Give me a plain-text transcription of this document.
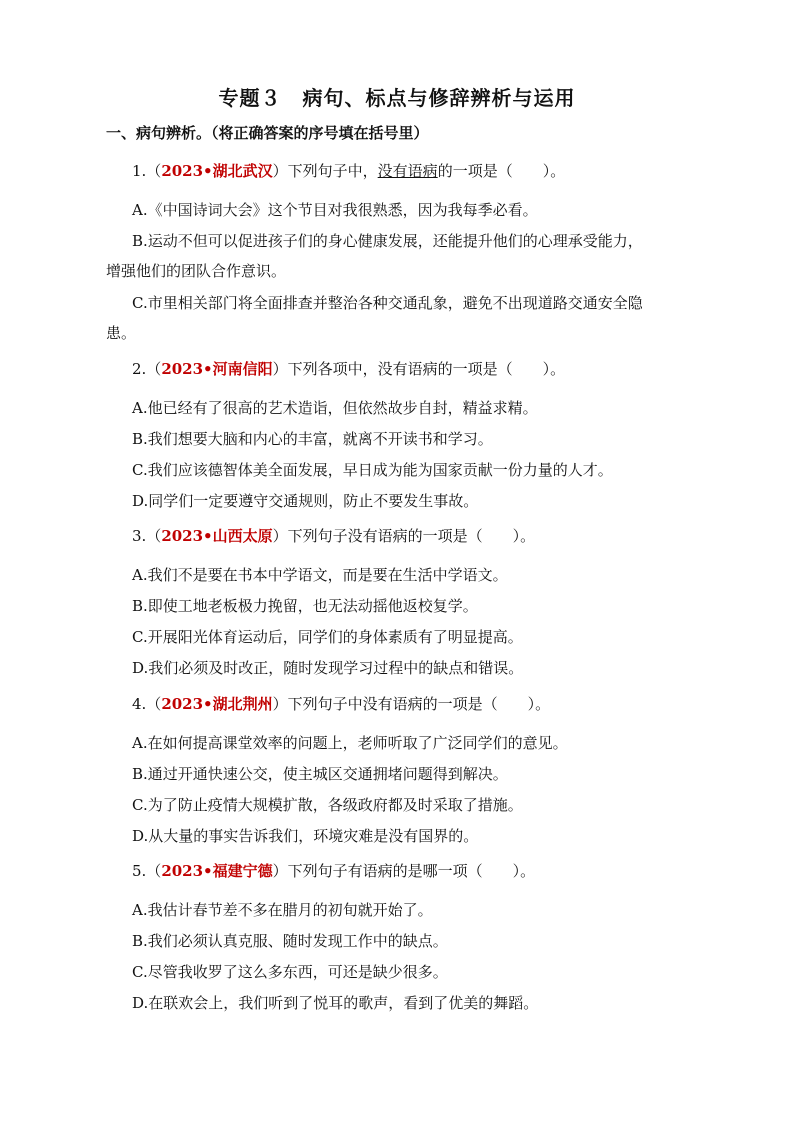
专题３　病句、标点与修辞辨析与运用
一、病句辨析。（将正确答案的序号填在括号里）
1.（2023•湖北武汉）下列句子中，没有语病的一项是（　　）。
A.《中国诗词大会》这个节目对我很熟悉，因为我每季必看。
B.运动不但可以促进孩子们的身心健康发展，还能提升他们的心理承受能力，
增强他们的团队合作意识。
C.市里相关部门将全面排查并整治各种交通乱象，避免不出现道路交通安全隐
患。
2.（2023•河南信阳）下列各项中，没有语病的一项是（　　）。
A.他已经有了很高的艺术造诣，但依然故步自封，精益求精。
B.我们想要大脑和内心的丰富，就离不开读书和学习。
C.我们应该德智体美全面发展，早日成为能为国家贡献一份力量的人才。
D.同学们一定要遵守交通规则，防止不要发生事故。
3.（2023•山西太原）下列句子没有语病的一项是（　　）。
A.我们不是要在书本中学语文，而是要在生活中学语文。
B.即使工地老板极力挽留，也无法动摇他返校复学。
C.开展阳光体育运动后，同学们的身体素质有了明显提高。
D.我们必须及时改正，随时发现学习过程中的缺点和错误。
4.（2023•湖北荆州）下列句子中没有语病的一项是（　　）。
A.在如何提高课堂效率的问题上，老师听取了广泛同学们的意见。
B.通过开通快速公交，使主城区交通拥堵问题得到解决。
C.为了防止疫情大规模扩散，各级政府都及时采取了措施。
D.从大量的事实告诉我们，环境灾难是没有国界的。
5.（2023•福建宁德）下列句子有语病的是哪一项（　　）。
A.我估计春节差不多在腊月的初旬就开始了。
B.我们必须认真克服、随时发现工作中的缺点。
C.尽管我收罗了这么多东西，可还是缺少很多。
D.在联欢会上，我们听到了悦耳的歌声，看到了优美的舞蹈。
